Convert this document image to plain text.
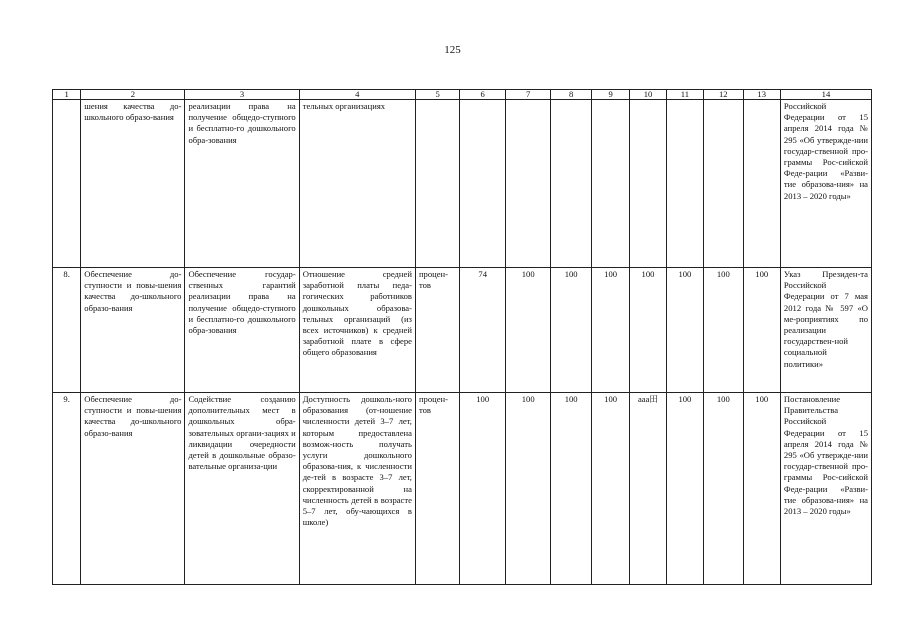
125
1	2	3	4	5	6	7	8	9	10	11	12	13	14
	шения качества до-школьного образо-вания	реализации права на получение общедо-ступного и бесплатно-го дошкольного обра-зования	тельных организациях										Российской Федерации от 15 апреля 2014 года № 295 «Об утвержде-нии государ-ственной про-граммы Рос-сийской Феде-рации «Разви-тие образова-ния» на 2013 – 2020 годы»
8.	Обеспечение до-ступности и повы-шения качества до-школьного образо-вания	Обеспечение государ-ственных гарантий реализации права на получение общедо-ступного и бесплатно-го дошкольного обра-зования	Отношение средней заработной платы педа-гогических работников дошкольных образова-тельных организаций (из всех источников) к средней заработной плате в сфере общего образования	процен-тов	74	100	100	100	100	100	100	100	Указ Президен-та Российской Федерации от 7 мая 2012 года № 597 «О ме-роприятиях по реализации государствен-ной социальной политики»
9.	Обеспечение до-ступности и повы-шения качества до-школьного образо-вания	Содействие созданию дополнительных мест в дошкольных обра-зовательных органи-зациях и ликвидации очередности детей в дошкольные образо-вательные организа-ции	Доступность дошколь-ного образования (от-ношение численности детей 3–7 лет, которым предоставлена возмож-ность получать услуги дошкольного образова-ния, к численности де-тей в возрасте 3–7 лет, скорректированной на численность детей в возрасте 5–7 лет, обу-чающихся в школе)	процен-тов	100	100	100	100	ааа田	100	100	100	Постановление Правительства Российской Федерации от 15 апреля 2014 года № 295 «Об утвержде-нии государ-ственной про-граммы Рос-сийской Феде-рации «Разви-тие образова-ния» на 2013 – 2020 годы»
